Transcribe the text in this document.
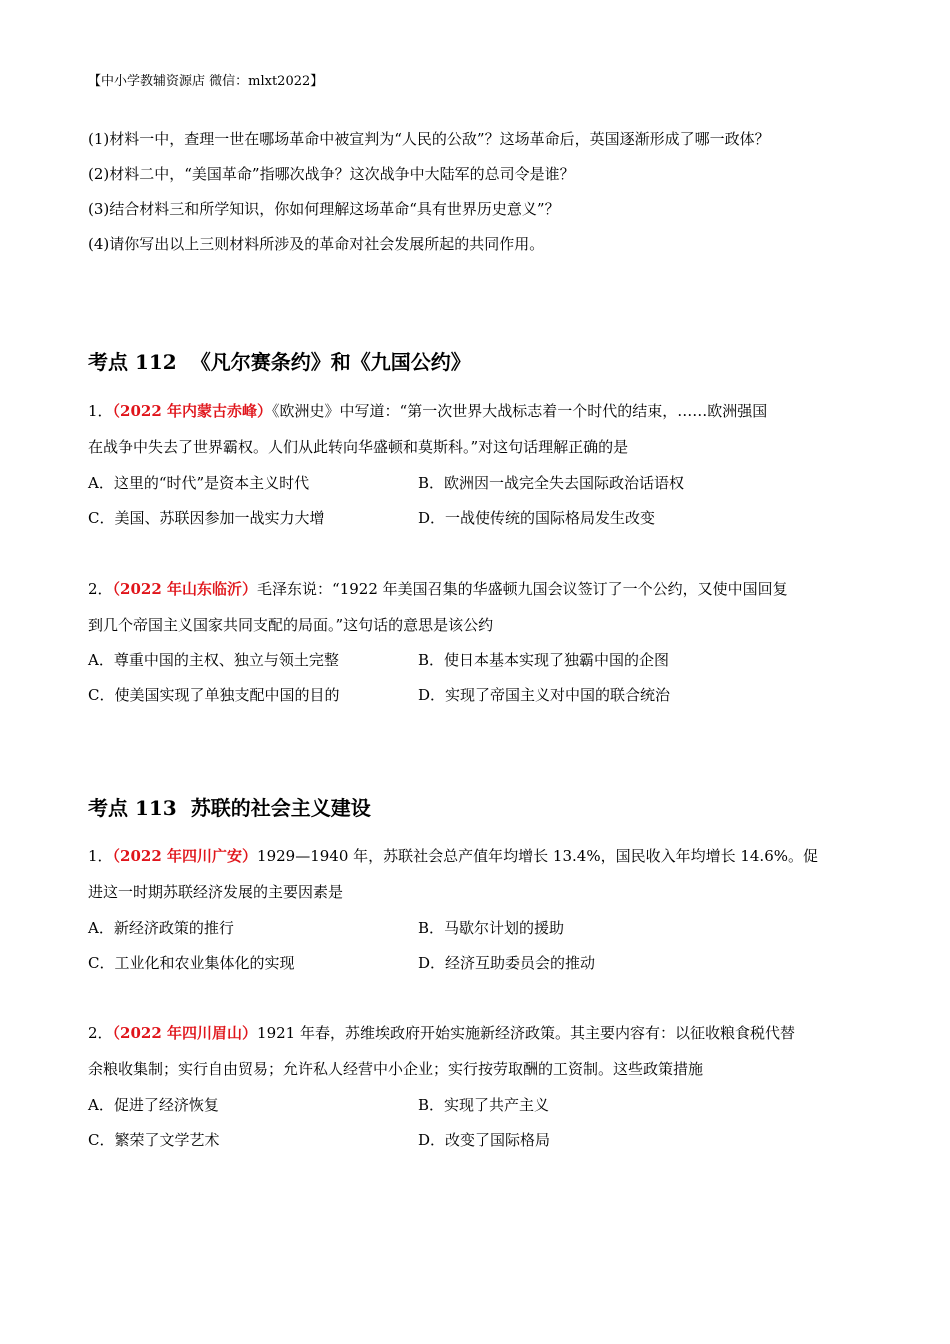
【中小学教辅资源店 微信：mlxt2022】
(1)材料一中，查理一世在哪场革命中被宣判为“人民的公敌”？这场革命后，英国逐渐形成了哪一政体？
(2)材料二中，“美国革命”指哪次战争？这次战争中大陆军的总司令是谁？
(3)结合材料三和所学知识，你如何理解这场革命“具有世界历史意义”？
(4)请你写出以上三则材料所涉及的革命对社会发展所起的共同作用。
考点 112 《凡尔赛条约》和《九国公约》
1．（2022 年内蒙古赤峰）《欧洲史》中写道：“第一次世界大战标志着一个时代的结束，……欧洲强国
在战争中失去了世界霸权。人们从此转向华盛顿和莫斯科。”对这句话理解正确的是
A．这里的“时代”是资本主义时代	B．欧洲因一战完全失去国际政治话语权
C．美国、苏联因参加一战实力大增	D．一战使传统的国际格局发生改变
2．（2022 年山东临沂）毛泽东说：“1922 年美国召集的华盛顿九国会议签订了一个公约，又使中国回复
到几个帝国主义国家共同支配的局面。”这句话的意思是该公约
A．尊重中国的主权、独立与领土完整	B．使日本基本实现了独霸中国的企图
C．使美国实现了单独支配中国的目的	D．实现了帝国主义对中国的联合统治
考点 113 苏联的社会主义建设
1．（2022 年四川广安）1929—1940 年，苏联社会总产值年均增长 13.4%，国民收入年均增长 14.6%。促
进这一时期苏联经济发展的主要因素是
A．新经济政策的推行	B．马歇尔计划的援助
C．工业化和农业集体化的实现	D．经济互助委员会的推动
2．（2022 年四川眉山）1921 年春，苏维埃政府开始实施新经济政策。其主要内容有：以征收粮食税代替
余粮收集制；实行自由贸易；允许私人经营中小企业；实行按劳取酬的工资制。这些政策措施
A．促进了经济恢复	B．实现了共产主义
C．繁荣了文学艺术	D．改变了国际格局
